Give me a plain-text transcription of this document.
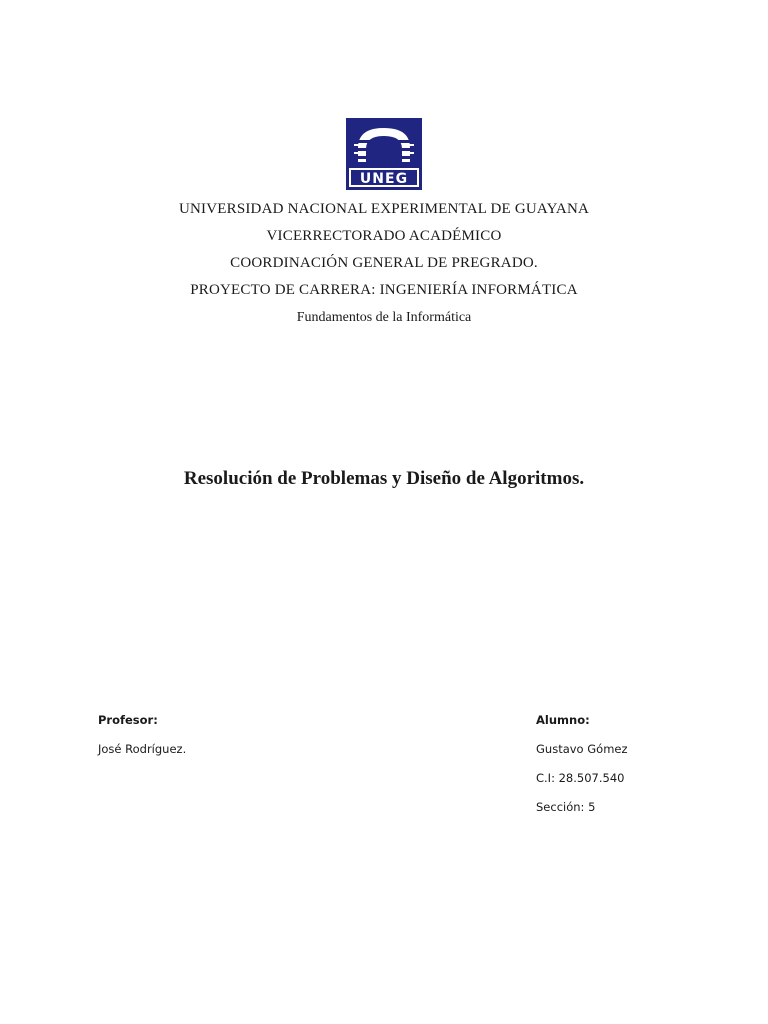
UNEG
UNIVERSIDAD NACIONAL EXPERIMENTAL DE GUAYANA
VICERRECTORADO ACADÉMICO
COORDINACIÓN GENERAL DE PREGRADO.
PROYECTO DE CARRERA: INGENIERÍA INFORMÁTICA
Fundamentos de la Informática
Resolución de Problemas y Diseño de Algoritmos.
Profesor:
José Rodríguez.
Alumno:
Gustavo Gómez
C.I: 28.507.540
Sección: 5
